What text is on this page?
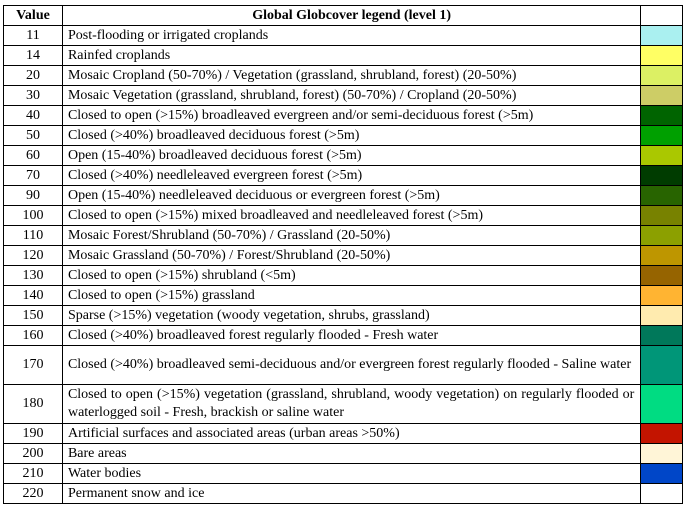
Value	Global Globcover legend (level 1)	
11	Post-flooding or irrigated croplands	

14	Rainfed croplands	

20	Mosaic Cropland (50-70%) / Vegetation (grassland, shrubland, forest) (20-50%)	

30	Mosaic Vegetation (grassland, shrubland, forest) (50-70%) / Cropland (20-50%)	

40	Closed to open (>15%) broadleaved evergreen and/or semi-deciduous forest (>5m)	

50	Closed (>40%) broadleaved deciduous forest (>5m)	

60	Open (15-40%) broadleaved deciduous forest (>5m)	

70	Closed (>40%) needleleaved evergreen forest (>5m)	

90	Open (15-40%) needleleaved deciduous or evergreen forest (>5m)	

100	Closed to open (>15%) mixed broadleaved and needleleaved forest (>5m)	

110	Mosaic Forest/Shrubland (50-70%) / Grassland (20-50%)	

120	Mosaic Grassland (50-70%) / Forest/Shrubland (20-50%)	

130	Closed to open (>15%) shrubland (<5m)	

140	Closed to open (>15%) grassland	

150	Sparse (>15%) vegetation (woody vegetation, shrubs, grassland)	

160	Closed (>40%) broadleaved forest regularly flooded - Fresh water	

170	Closed (>40%) broadleaved semi-deciduous and/or evergreen forest regularly flooded - Saline water	

180	Closed to open (>15%) vegetation (grassland, shrubland, woody vegetation) on regularly flooded or waterlogged soil - Fresh, brackish or saline water	

190	Artificial surfaces and associated areas (urban areas >50%)	

200	Bare areas	

210	Water bodies	

220	Permanent snow and ice	
